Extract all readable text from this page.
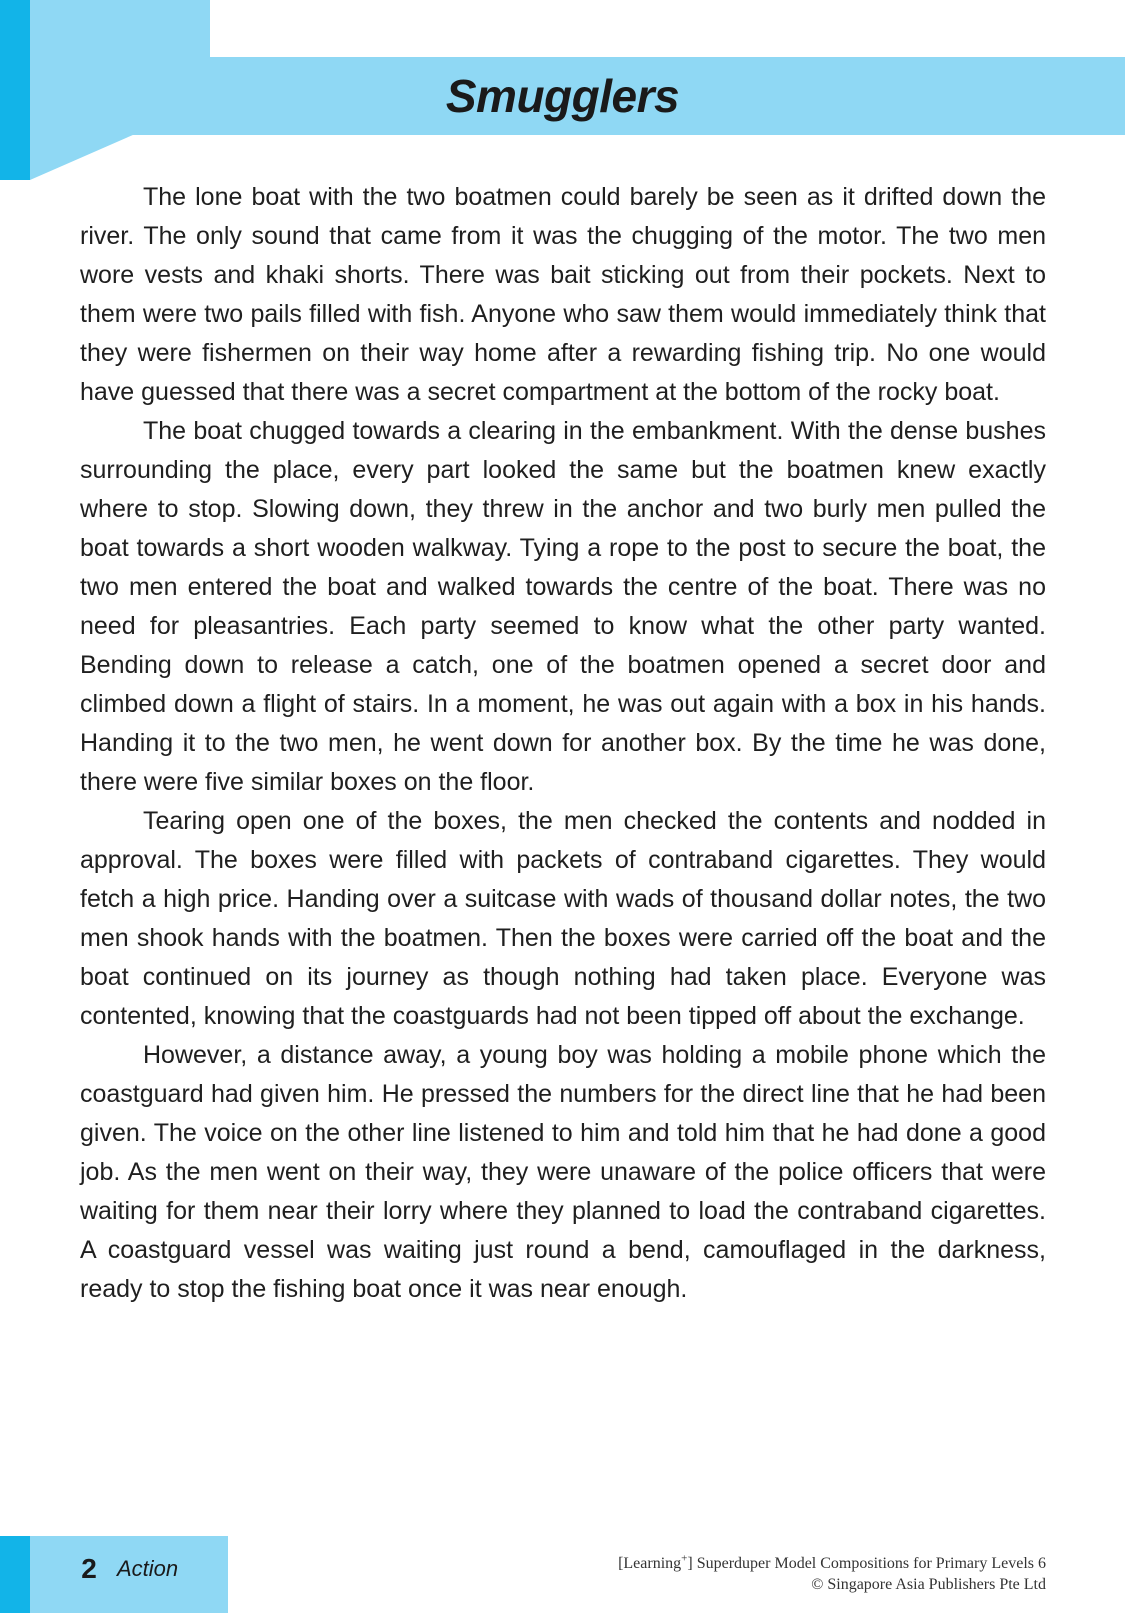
Smugglers

The lone boat with the two boatmen could barely be seen as it drifted down the river. The only sound that came from it was the chugging of the motor. The two men wore vests and khaki shorts. There was bait sticking out from their pockets. Next to them were two pails filled with fish. Anyone who saw them would immediately think that they were fishermen on their way home after a rewarding fishing trip. No one would have guessed that there was a secret compartment at the bottom of the rocky boat.

The boat chugged towards a clearing in the embankment. With the dense bushes surrounding the place, every part looked the same but the boatmen knew exactly where to stop. Slowing down, they threw in the anchor and two burly men pulled the boat towards a short wooden walkway. Tying a rope to the post to secure the boat, the two men entered the boat and walked towards the centre of the boat. There was no need for pleasantries. Each party seemed to know what the other party wanted. Bending down to release a catch, one of the boatmen opened a secret door and climbed down a flight of stairs. In a moment, he was out again with a box in his hands. Handing it to the two men, he went down for another box. By the time he was done, there were five similar boxes on the floor.

Tearing open one of the boxes, the men checked the contents and nodded in approval. The boxes were filled with packets of contraband cigarettes. They would fetch a high price. Handing over a suitcase with wads of thousand dollar notes, the two men shook hands with the boatmen. Then the boxes were carried off the boat and the boat continued on its journey as though nothing had taken place. Everyone was contented, knowing that the coastguards had not been tipped off about the exchange.

However, a distance away, a young boy was holding a mobile phone which the coastguard had given him. He pressed the numbers for the direct line that he had been given. The voice on the other line listened to him and told him that he had done a good job. As the men went on their way, they were unaware of the police officers that were waiting for them near their lorry where they planned to load the contraband cigarettes. A coastguard vessel was waiting just round a bend, camouflaged in the darkness, ready to stop the fishing boat once it was near enough.

2 Action	[Learning+] Superduper Model Compositions for Primary Levels 6
© Singapore Asia Publishers Pte Ltd
